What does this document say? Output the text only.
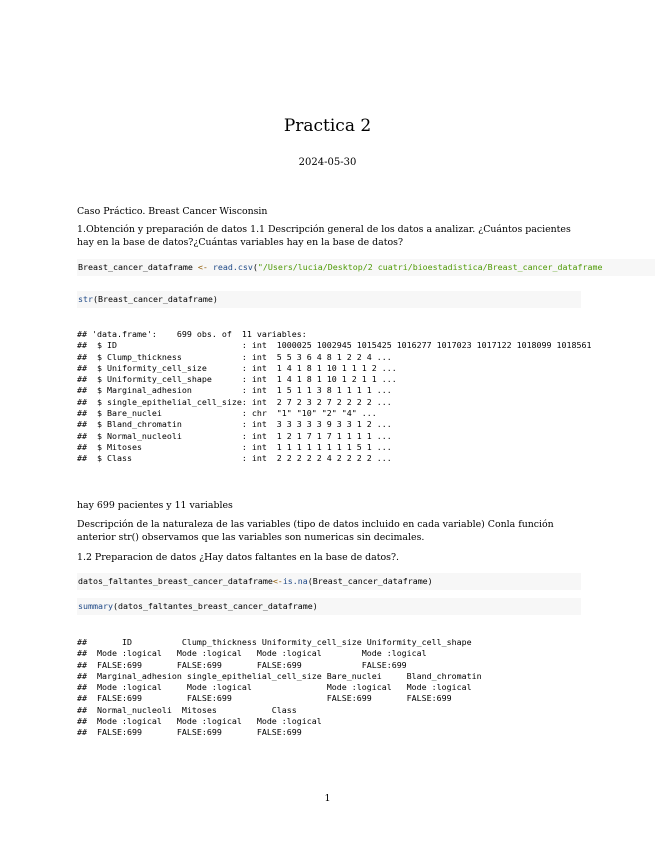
Practica 2
2024-05-30

Caso Práctico. Breast Cancer Wisconsin

1.Obtención y preparación de datos 1.1 Descripción general de los datos a analizar. ¿Cuántos pacientes hay en la base de datos?¿Cuántas variables hay en la base de datos?

Breast_cancer_dataframe <- read.csv("/Users/lucia/Desktop/2 cuatri/bioestadistica/Breast_cancer_dataframe
str(Breast_cancer_dataframe)
## 'data.frame':    699 obs. of  11 variables:
##  $ ID                         : int  1000025 1002945 1015425 1016277 1017023 1017122 1018099 1018561
##  $ Clump_thickness            : int  5 5 3 6 4 8 1 2 2 4 ...
##  $ Uniformity_cell_size       : int  1 4 1 8 1 10 1 1 1 2 ...
##  $ Uniformity_cell_shape      : int  1 4 1 8 1 10 1 2 1 1 ...
##  $ Marginal_adhesion          : int  1 5 1 1 3 8 1 1 1 1 ...
##  $ single_epithelial_cell_size: int  2 7 2 3 2 7 2 2 2 2 ...
##  $ Bare_nuclei                : chr  "1" "10" "2" "4" ...
##  $ Bland_chromatin            : int  3 3 3 3 3 9 3 3 1 2 ...
##  $ Normal_nucleoli            : int  1 2 1 7 1 7 1 1 1 1 ...
##  $ Mitoses                    : int  1 1 1 1 1 1 1 1 5 1 ...
##  $ Class                      : int  2 2 2 2 2 4 2 2 2 2 ...

hay 699 pacientes y 11 variables

Descripción de la naturaleza de las variables (tipo de datos incluido en cada variable) Conla función anterior str() observamos que las variables son numericas sin decimales.

1.2 Preparacion de datos ¿Hay datos faltantes en la base de datos?.

datos_faltantes_breast_cancer_dataframe<-is.na(Breast_cancer_dataframe)
summary(datos_faltantes_breast_cancer_dataframe)
##       ID          Clump_thickness Uniformity_cell_size Uniformity_cell_shape
##  Mode :logical   Mode :logical   Mode :logical        Mode :logical
##  FALSE:699       FALSE:699       FALSE:699            FALSE:699
##  Marginal_adhesion single_epithelial_cell_size Bare_nuclei     Bland_chromatin
##  Mode :logical     Mode :logical               Mode :logical   Mode :logical
##  FALSE:699         FALSE:699                   FALSE:699       FALSE:699
##  Normal_nucleoli  Mitoses           Class
##  Mode :logical   Mode :logical   Mode :logical
##  FALSE:699       FALSE:699       FALSE:699
1
